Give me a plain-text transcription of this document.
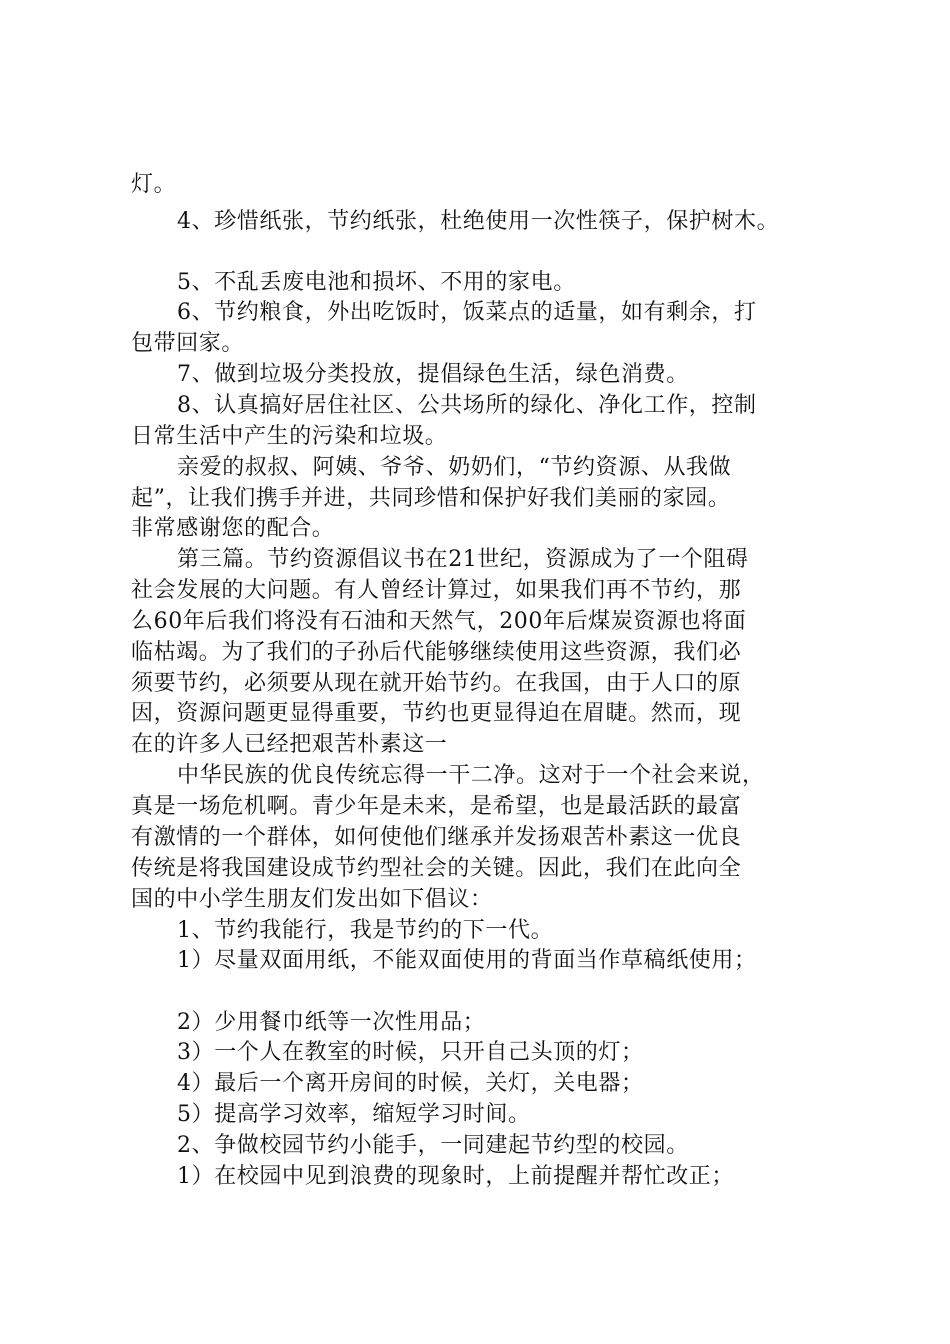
灯。
4、珍惜纸张，节约纸张，杜绝使用一次性筷子，保护树木。
5、不乱丢废电池和损坏、不用的家电。
6、节约粮食，外出吃饭时，饭菜点的适量，如有剩余，打
包带回家。
7、做到垃圾分类投放，提倡绿色生活，绿色消费。
8、认真搞好居住社区、公共场所的绿化、净化工作，控制
日常生活中产生的污染和垃圾。
亲爱的叔叔、阿姨、爷爷、奶奶们，“节约资源、从我做
起”，让我们携手并进，共同珍惜和保护好我们美丽的家园。
非常感谢您的配合。
第三篇。节约资源倡议书在21世纪，资源成为了一个阻碍
社会发展的大问题。有人曾经计算过，如果我们再不节约，那
么60年后我们将没有石油和天然气，200年后煤炭资源也将面
临枯竭。为了我们的子孙后代能够继续使用这些资源，我们必
须要节约，必须要从现在就开始节约。在我国，由于人口的原
因，资源问题更显得重要，节约也更显得迫在眉睫。然而，现
在的许多人已经把艰苦朴素这一
中华民族的优良传统忘得一干二净。这对于一个社会来说，
真是一场危机啊。青少年是未来，是希望，也是最活跃的最富
有激情的一个群体，如何使他们继承并发扬艰苦朴素这一优良
传统是将我国建设成节约型社会的关键。因此，我们在此向全
国的中小学生朋友们发出如下倡议：
1、节约我能行，我是节约的下一代。
1）尽量双面用纸，不能双面使用的背面当作草稿纸使用；
2）少用餐巾纸等一次性用品；
3）一个人在教室的时候，只开自己头顶的灯；
4）最后一个离开房间的时候，关灯，关电器；
5）提高学习效率，缩短学习时间。
2、争做校园节约小能手，一同建起节约型的校园。
1）在校园中见到浪费的现象时，上前提醒并帮忙改正；
